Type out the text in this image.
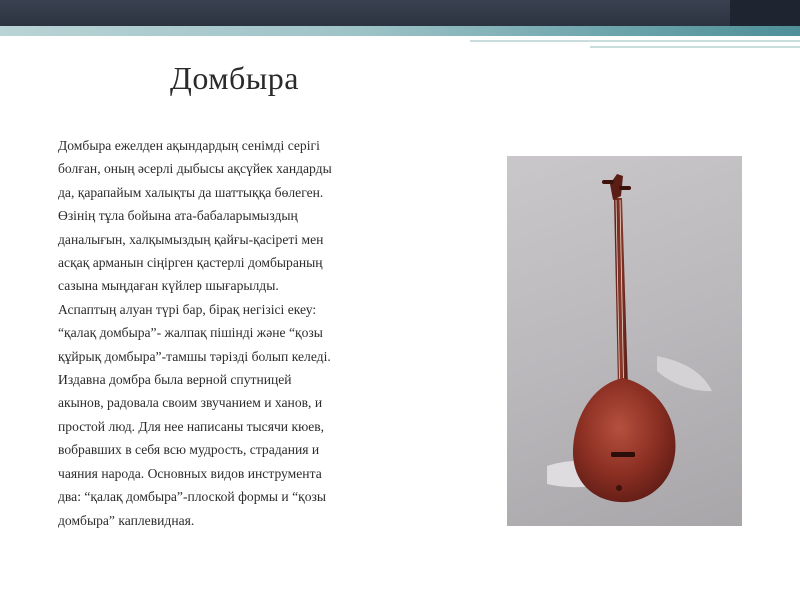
Домбыра
Домбыра ежелден ақындардың сенімді серігі
болған, оның әсерлі дыбысы ақсүйек хандарды
да, қарапайым халықты да шаттыққа бөлеген.
Өзінің тұла бойына ата-бабаларымыздың
даналығын, халқымыздың қайғы-қасіреті мен
асқақ арманын сіңірген қастерлі домбыраның
сазына мыңдаған күйлер шығарылды.
Аспаптың алуан түрі бар, бірақ негізісі екеу:
“қалақ домбыра”- жалпақ пішінді және “қозы
құйрық домбыра”-тамшы тәрізді болып келеді.
Издавна домбра была верной спутницей
акынов, радовала своим звучанием и ханов, и
простой люд. Для нее написаны тысячи кюев,
вобравших в себя всю мудрость, страдания и
чаяния народа. Основных видов инструмента
два: “қалақ домбыра”-плоской формы и “қозы
домбыра” каплевидная.
